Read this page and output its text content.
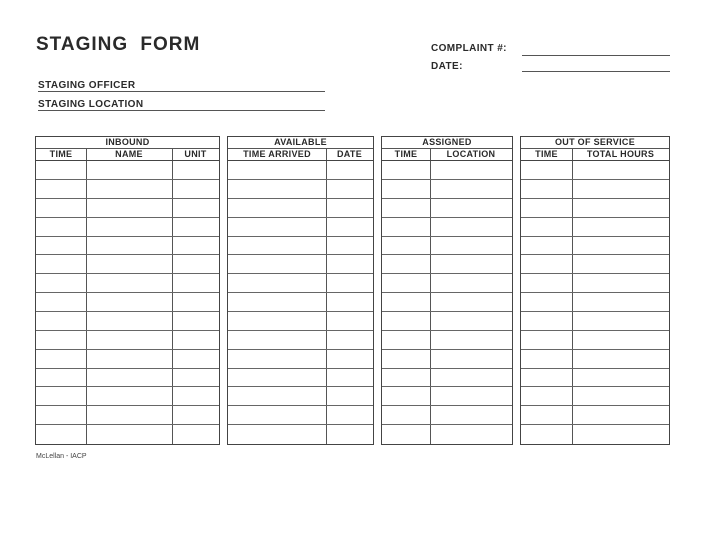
STAGING FORM	COMPLAINT #:
DATE:
STAGING OFFICER
STAGING LOCATION
INBOUND
TIME	NAME	UNIT
AVAILABLE
TIME ARRIVED	DATE
ASSIGNED
TIME	LOCATION
OUT OF SERVICE
TIME	TOTAL HOURS
McLellan - IACP
